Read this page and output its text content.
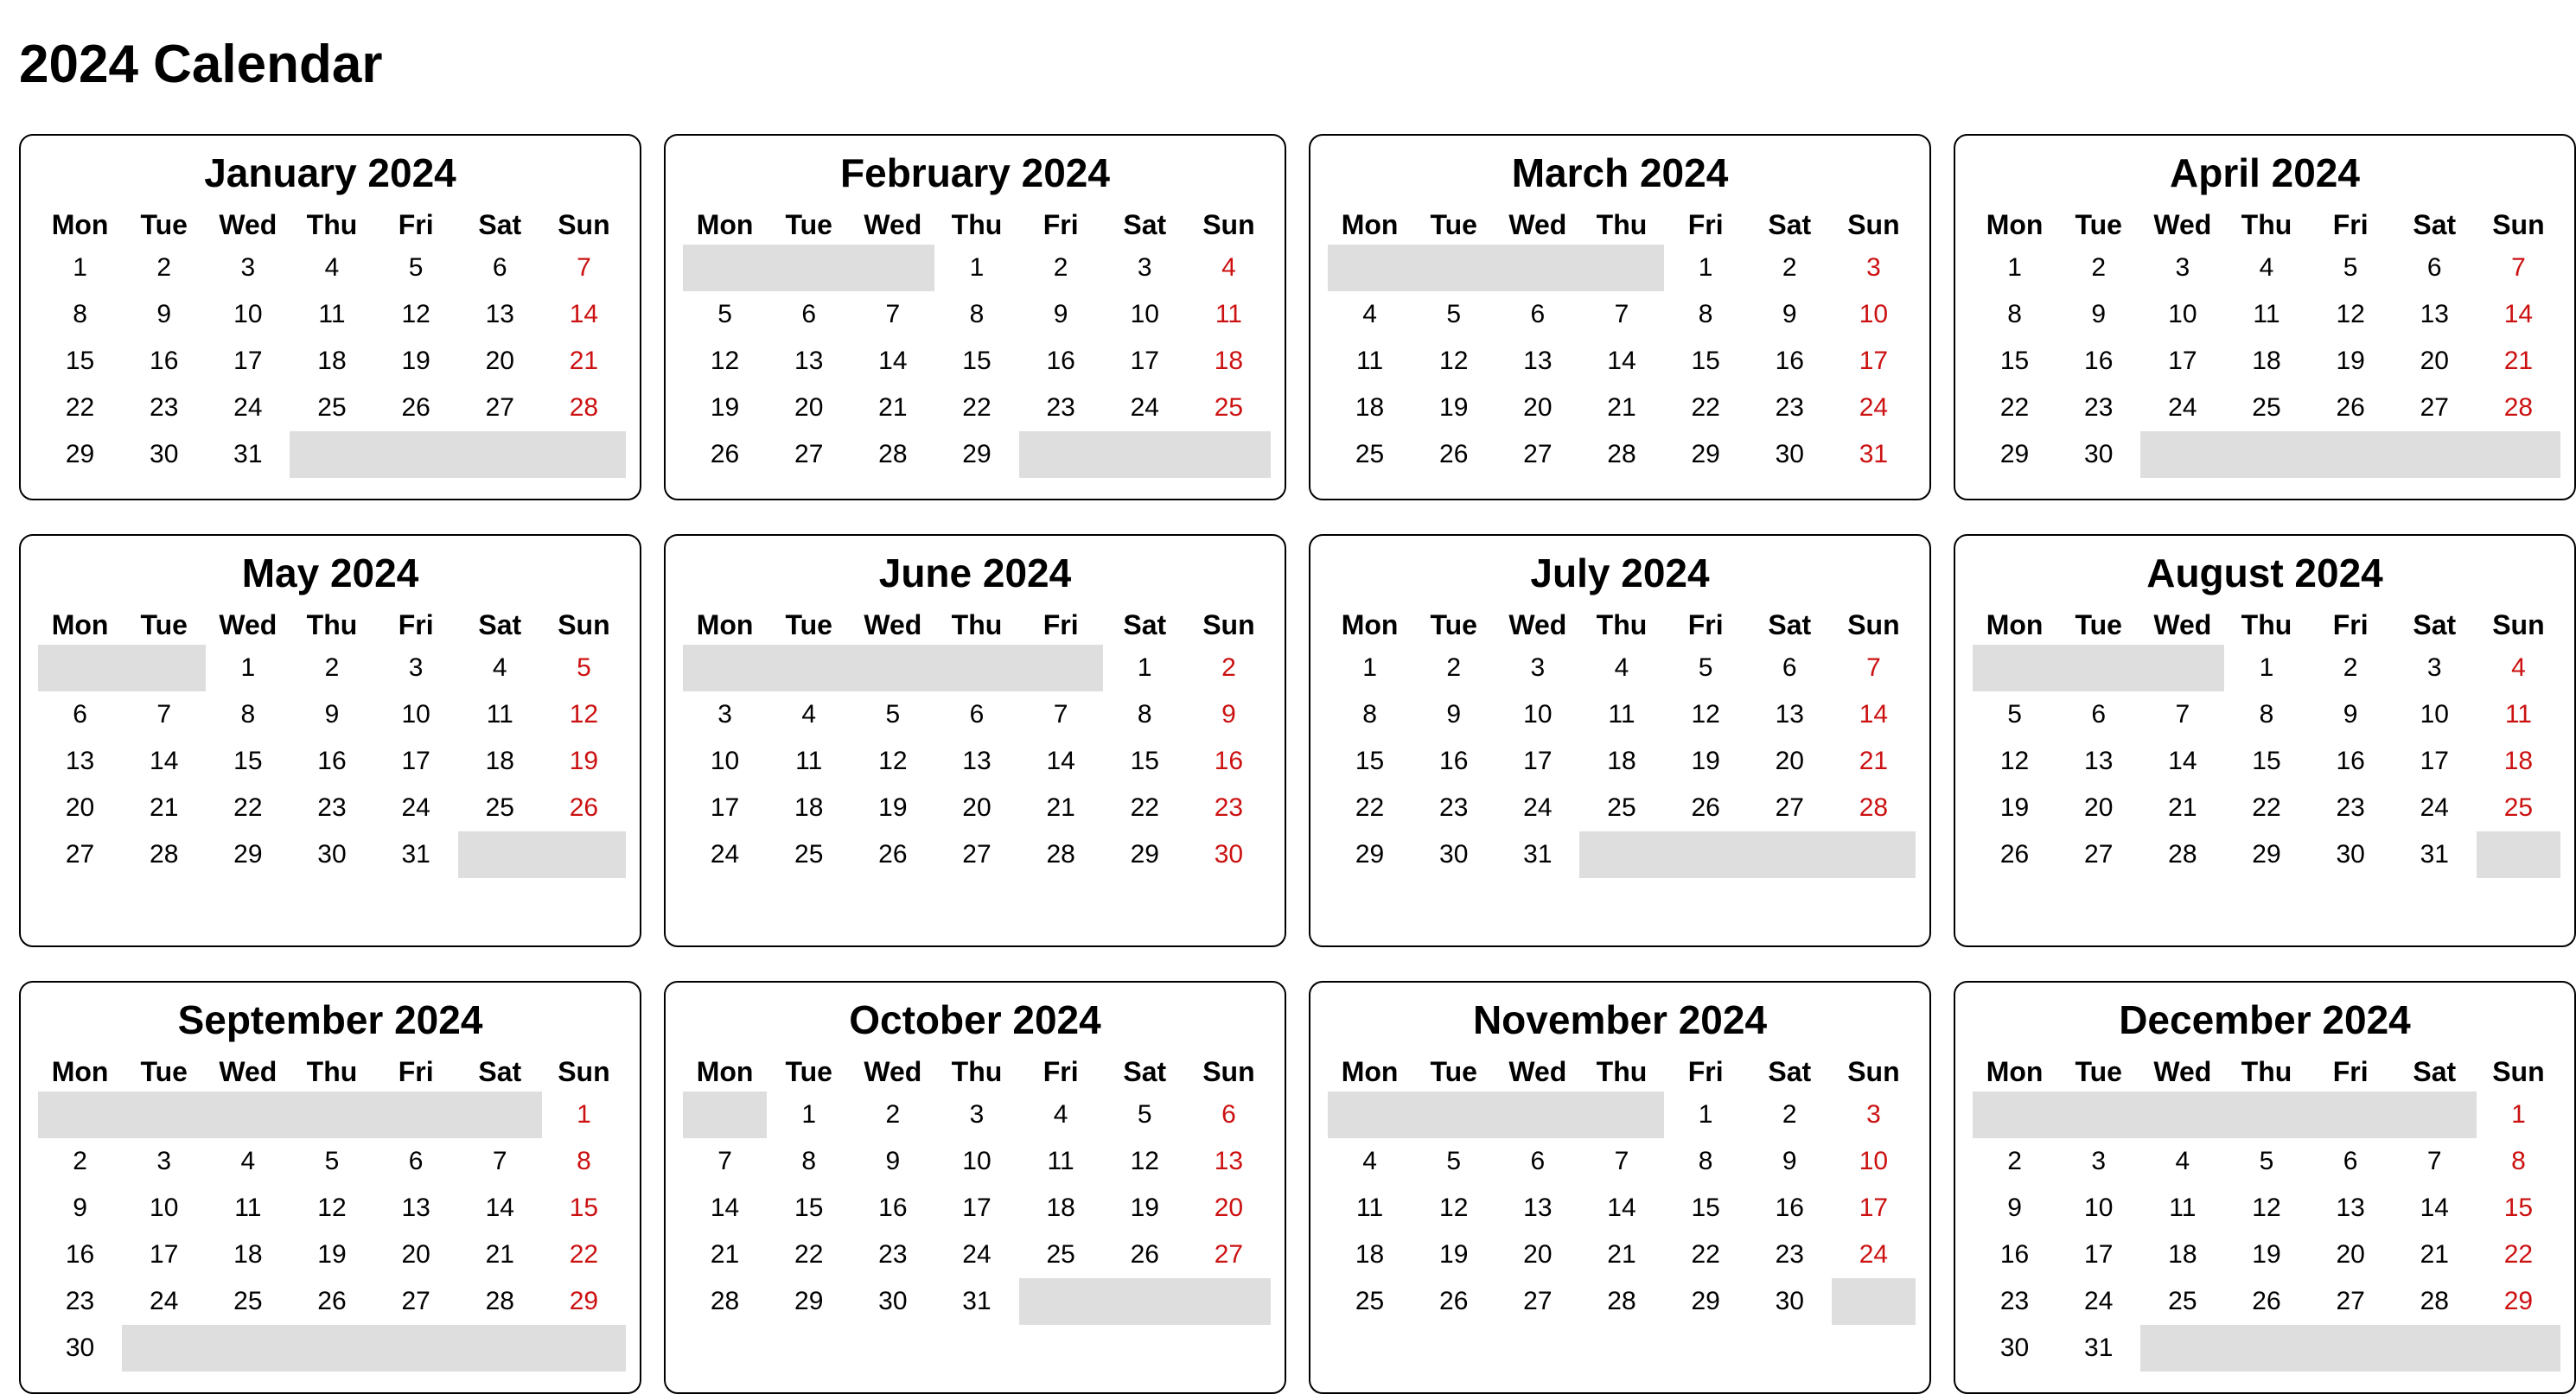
2024 Calendar
January 2024
Mon	Tue	Wed	Thu	Fri	Sat	Sun
1	2	3	4	5	6	7
8	9	10	11	12	13	14
15	16	17	18	19	20	21
22	23	24	25	26	27	28
29	30	31				
February 2024
Mon	Tue	Wed	Thu	Fri	Sat	Sun
			1	2	3	4
5	6	7	8	9	10	11
12	13	14	15	16	17	18
19	20	21	22	23	24	25
26	27	28	29			
March 2024
Mon	Tue	Wed	Thu	Fri	Sat	Sun
				1	2	3
4	5	6	7	8	9	10
11	12	13	14	15	16	17
18	19	20	21	22	23	24
25	26	27	28	29	30	31
April 2024
Mon	Tue	Wed	Thu	Fri	Sat	Sun
1	2	3	4	5	6	7
8	9	10	11	12	13	14
15	16	17	18	19	20	21
22	23	24	25	26	27	28
29	30					
May 2024
Mon	Tue	Wed	Thu	Fri	Sat	Sun
		1	2	3	4	5
6	7	8	9	10	11	12
13	14	15	16	17	18	19
20	21	22	23	24	25	26
27	28	29	30	31		
June 2024
Mon	Tue	Wed	Thu	Fri	Sat	Sun
					1	2
3	4	5	6	7	8	9
10	11	12	13	14	15	16
17	18	19	20	21	22	23
24	25	26	27	28	29	30
July 2024
Mon	Tue	Wed	Thu	Fri	Sat	Sun
1	2	3	4	5	6	7
8	9	10	11	12	13	14
15	16	17	18	19	20	21
22	23	24	25	26	27	28
29	30	31				
August 2024
Mon	Tue	Wed	Thu	Fri	Sat	Sun
			1	2	3	4
5	6	7	8	9	10	11
12	13	14	15	16	17	18
19	20	21	22	23	24	25
26	27	28	29	30	31	
September 2024
Mon	Tue	Wed	Thu	Fri	Sat	Sun
						1
2	3	4	5	6	7	8
9	10	11	12	13	14	15
16	17	18	19	20	21	22
23	24	25	26	27	28	29
30						
October 2024
Mon	Tue	Wed	Thu	Fri	Sat	Sun
	1	2	3	4	5	6
7	8	9	10	11	12	13
14	15	16	17	18	19	20
21	22	23	24	25	26	27
28	29	30	31			
November 2024
Mon	Tue	Wed	Thu	Fri	Sat	Sun
				1	2	3
4	5	6	7	8	9	10
11	12	13	14	15	16	17
18	19	20	21	22	23	24
25	26	27	28	29	30	
December 2024
Mon	Tue	Wed	Thu	Fri	Sat	Sun
						1
2	3	4	5	6	7	8
9	10	11	12	13	14	15
16	17	18	19	20	21	22
23	24	25	26	27	28	29
30	31					
